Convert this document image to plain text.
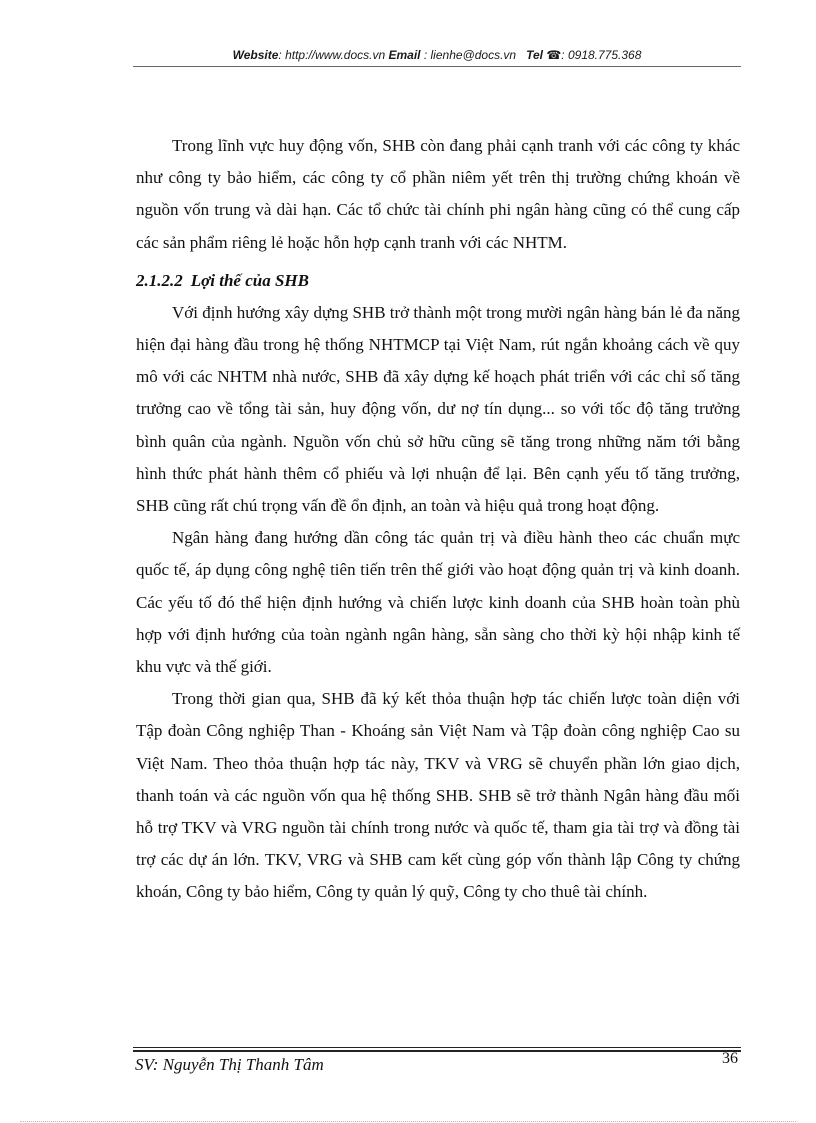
Website: http://www.docs.vn Email : lienhe@docs.vn Tel ☎: 0918.775.368

Trong lĩnh vực huy động vốn, SHB còn đang phải cạnh tranh với các công ty khác như công ty bảo hiểm, các công ty cổ phần niêm yết trên thị trường chứng khoán về nguồn vốn trung và dài hạn. Các tổ chức tài chính phi ngân hàng cũng có thể cung cấp các sản phẩm riêng lẻ hoặc hỗn hợp cạnh tranh với các NHTM.

2.1.2.2 Lợi thế của SHB

Với định hướng xây dựng SHB trở thành một trong mười ngân hàng bán lẻ đa năng hiện đại hàng đầu trong hệ thống NHTMCP tại Việt Nam, rút ngắn khoảng cách về quy mô với các NHTM nhà nước, SHB đã xây dựng kế hoạch phát triển với các chỉ số tăng trưởng cao về tổng tài sản, huy động vốn, dư nợ tín dụng... so với tốc độ tăng trưởng bình quân của ngành. Nguồn vốn chủ sở hữu cũng sẽ tăng trong những năm tới bằng hình thức phát hành thêm cổ phiếu và lợi nhuận để lại. Bên cạnh yếu tố tăng trưởng, SHB cũng rất chú trọng vấn đề ổn định, an toàn và hiệu quả trong hoạt động.

Ngân hàng đang hướng dần công tác quản trị và điều hành theo các chuẩn mực quốc tế, áp dụng công nghệ tiên tiến trên thế giới vào hoạt động quản trị và kinh doanh. Các yếu tố đó thể hiện định hướng và chiến lược kinh doanh của SHB hoàn toàn phù hợp với định hướng của toàn ngành ngân hàng, sẵn sàng cho thời kỳ hội nhập kinh tế khu vực và thế giới.

Trong thời gian qua, SHB đã ký kết thỏa thuận hợp tác chiến lược toàn diện với Tập đoàn Công nghiệp Than - Khoáng sản Việt Nam và Tập đoàn công nghiệp Cao su Việt Nam. Theo thỏa thuận hợp tác này, TKV và VRG sẽ chuyển phần lớn giao dịch, thanh toán và các nguồn vốn qua hệ thống SHB. SHB sẽ trở thành Ngân hàng đầu mối hỗ trợ TKV và VRG nguồn tài chính trong nước và quốc tế, tham gia tài trợ và đồng tài trợ các dự án lớn. TKV, VRG và SHB cam kết cùng góp vốn thành lập Công ty chứng khoán, Công ty bảo hiểm, Công ty quản lý quỹ, Công ty cho thuê tài chính.

SV: Nguyễn Thị Thanh Tâm	36
